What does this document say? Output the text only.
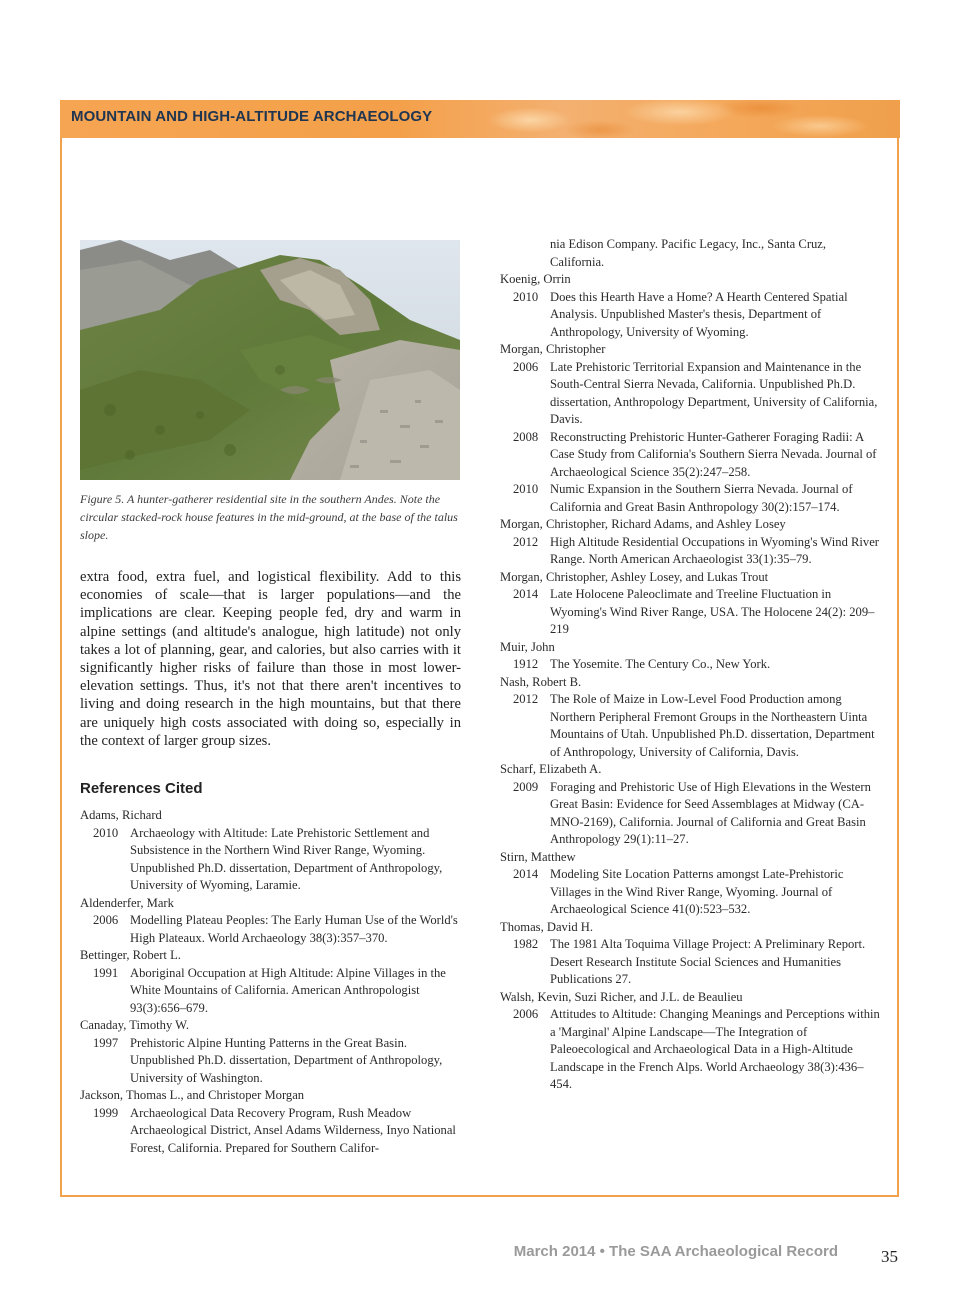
MOUNTAIN AND HIGH-ALTITUDE ARCHAEOLOGY
Figure 5. A hunter-gatherer residential site in the southern Andes. Note the circular stacked-rock house features in the mid-ground, at the base of the talus slope.

extra food, extra fuel, and logistical flexibility. Add to this economies of scale—that is larger populations—and the implications are clear. Keeping people fed, dry and warm in alpine settings (and altitude's analogue, high latitude) not only takes a lot of planning, gear, and calories, but also carries with it significantly higher risks of failure than those in most lower-elevation settings. Thus, it's not that there aren't incentives to living and doing research in the high mountains, but that there are uniquely high costs associated with doing so, especially in the context of larger group sizes.

References Cited

Adams, Richard

2010 Archaeology with Altitude: Late Prehistoric Settlement and Subsistence in the Northern Wind River Range, Wyoming. Unpublished Ph.D. dissertation, Department of Anthropology, University of Wyoming, Laramie.

Aldenderfer, Mark

2006 Modelling Plateau Peoples: The Early Human Use of the World's High Plateaux. World Archaeology 38(3):357–370.

Bettinger, Robert L.

1991 Aboriginal Occupation at High Altitude: Alpine Villages in the White Mountains of California. American Anthropologist 93(3):656–679.

Canaday, Timothy W.

1997 Prehistoric Alpine Hunting Patterns in the Great Basin. Unpublished Ph.D. dissertation, Department of Anthropology, University of Washington.

Jackson, Thomas L., and Christoper Morgan

1999 Archaeological Data Recovery Program, Rush Meadow Archaeological District, Ansel Adams Wilderness, Inyo National Forest, California. Prepared for Southern Califor-

nia Edison Company. Pacific Legacy, Inc., Santa Cruz, California.

Koenig, Orrin

2010 Does this Hearth Have a Home? A Hearth Centered Spatial Analysis. Unpublished Master's thesis, Department of Anthropology, University of Wyoming.

Morgan, Christopher

2006 Late Prehistoric Territorial Expansion and Maintenance in the South-Central Sierra Nevada, California. Unpublished Ph.D. dissertation, Anthropology Department, University of California, Davis.
2008 Reconstructing Prehistoric Hunter-Gatherer Foraging Radii: A Case Study from California's Southern Sierra Nevada. Journal of Archaeological Science 35(2):247–258.
2010 Numic Expansion in the Southern Sierra Nevada. Journal of California and Great Basin Anthropology 30(2):157–174.

Morgan, Christopher, Richard Adams, and Ashley Losey

2012 High Altitude Residential Occupations in Wyoming's Wind River Range. North American Archaeologist 33(1):35–79.

Morgan, Christopher, Ashley Losey, and Lukas Trout

2014 Late Holocene Paleoclimate and Treeline Fluctuation in Wyoming's Wind River Range, USA. The Holocene 24(2): 209–219

Muir, John

1912 The Yosemite. The Century Co., New York.

Nash, Robert B.

2012 The Role of Maize in Low-Level Food Production among Northern Peripheral Fremont Groups in the Northeastern Uinta Mountains of Utah. Unpublished Ph.D. dissertation, Department of Anthropology, University of California, Davis.

Scharf, Elizabeth A.

2009 Foraging and Prehistoric Use of High Elevations in the Western Great Basin: Evidence for Seed Assemblages at Midway (CA-MNO-2169), California. Journal of California and Great Basin Anthropology 29(1):11–27.

Stirn, Matthew

2014 Modeling Site Location Patterns amongst Late-Prehistoric Villages in the Wind River Range, Wyoming. Journal of Archaeological Science 41(0):523–532.

Thomas, David H.

1982 The 1981 Alta Toquima Village Project: A Preliminary Report. Desert Research Institute Social Sciences and Humanities Publications 27.

Walsh, Kevin, Suzi Richer, and J.L. de Beaulieu

2006 Attitudes to Altitude: Changing Meanings and Perceptions within a 'Marginal' Alpine Landscape—The Integration of Paleoecological and Archaeological Data in a High-Altitude Landscape in the French Alps. World Archaeology 38(3):436–454.
March 2014 • The SAA Archaeological Record	35
